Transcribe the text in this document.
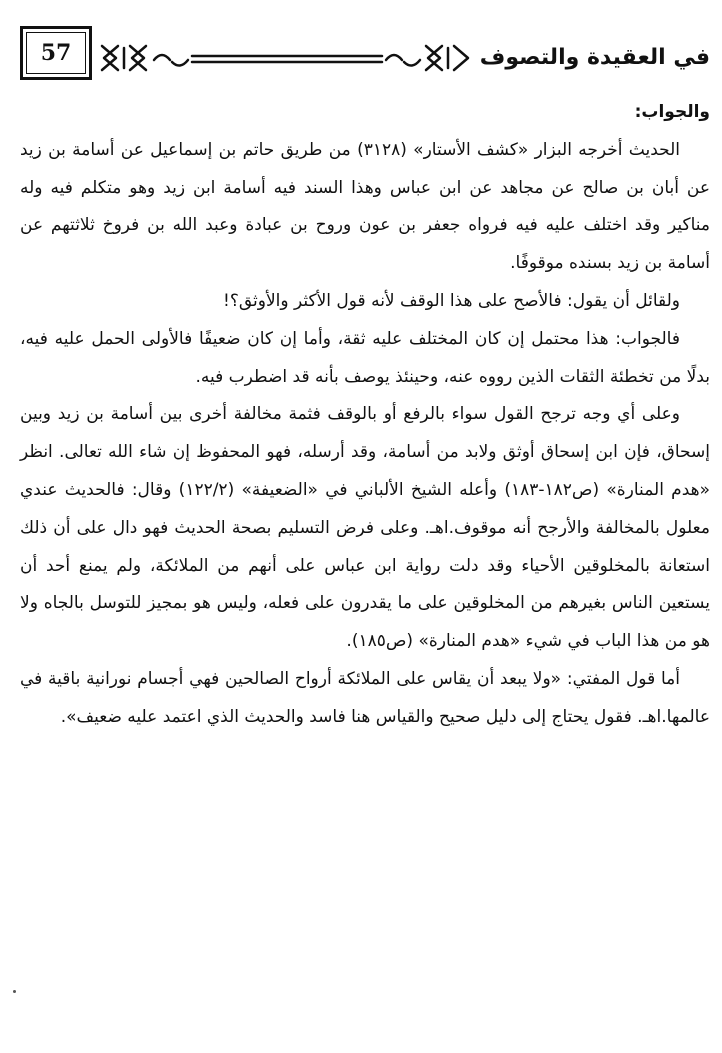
57	في العقيدة والتصوف

والجواب:

الحديث أخرجه البزار «كشف الأستار» (٣١٢٨) من طريق حاتم بن إسماعيل عن أسامة بن زيد عن أبان بن صالح عن مجاهد عن ابن عباس وهذا السند فيه أسامة ابن زيد وهو متكلم فيه وله مناكير وقد اختلف عليه فيه فرواه جعفر بن عون وروح بن عبادة وعبد الله بن فروخ ثلاثتهم عن أسامة بن زيد بسنده موقوفًا.

ولقائل أن يقول: فالأصح على هذا الوقف لأنه قول الأكثر والأوثق؟!

فالجواب: هذا محتمل إن كان المختلف عليه ثقة، وأما إن كان ضعيفًا فالأولى الحمل عليه فيه، بدلًا من تخطئة الثقات الذين رووه عنه، وحينئذ يوصف بأنه قد اضطرب فيه.

وعلى أي وجه ترجح القول سواء بالرفع أو بالوقف فثمة مخالفة أخرى بين أسامة بن زيد وبين إسحاق، فإن ابن إسحاق أوثق ولابد من أسامة، وقد أرسله، فهو المحفوظ إن شاء الله تعالى. انظر «هدم المنارة» (ص١٨٢-١٨٣) وأعله الشيخ الألباني في «الضعيفة» (١٢٢/٢) وقال: فالحديث عندي معلول بالمخالفة والأرجح أنه موقوف.اهـ. وعلى فرض التسليم بصحة الحديث فهو دال على أن ذلك استعانة بالمخلوقين الأحياء وقد دلت رواية ابن عباس على أنهم من الملائكة، ولم يمنع أحد أن يستعين الناس بغيرهم من المخلوقين على ما يقدرون على فعله، وليس هو بمجيز للتوسل بالجاه ولا هو من هذا الباب في شيء «هدم المنارة» (ص١٨٥).

أما قول المفتي: «ولا يبعد أن يقاس على الملائكة أرواح الصالحين فهي أجسام نورانية باقية في عالمها.اهـ. فقول يحتاج إلى دليل صحيح والقياس هنا فاسد والحديث الذي اعتمد عليه ضعيف».
